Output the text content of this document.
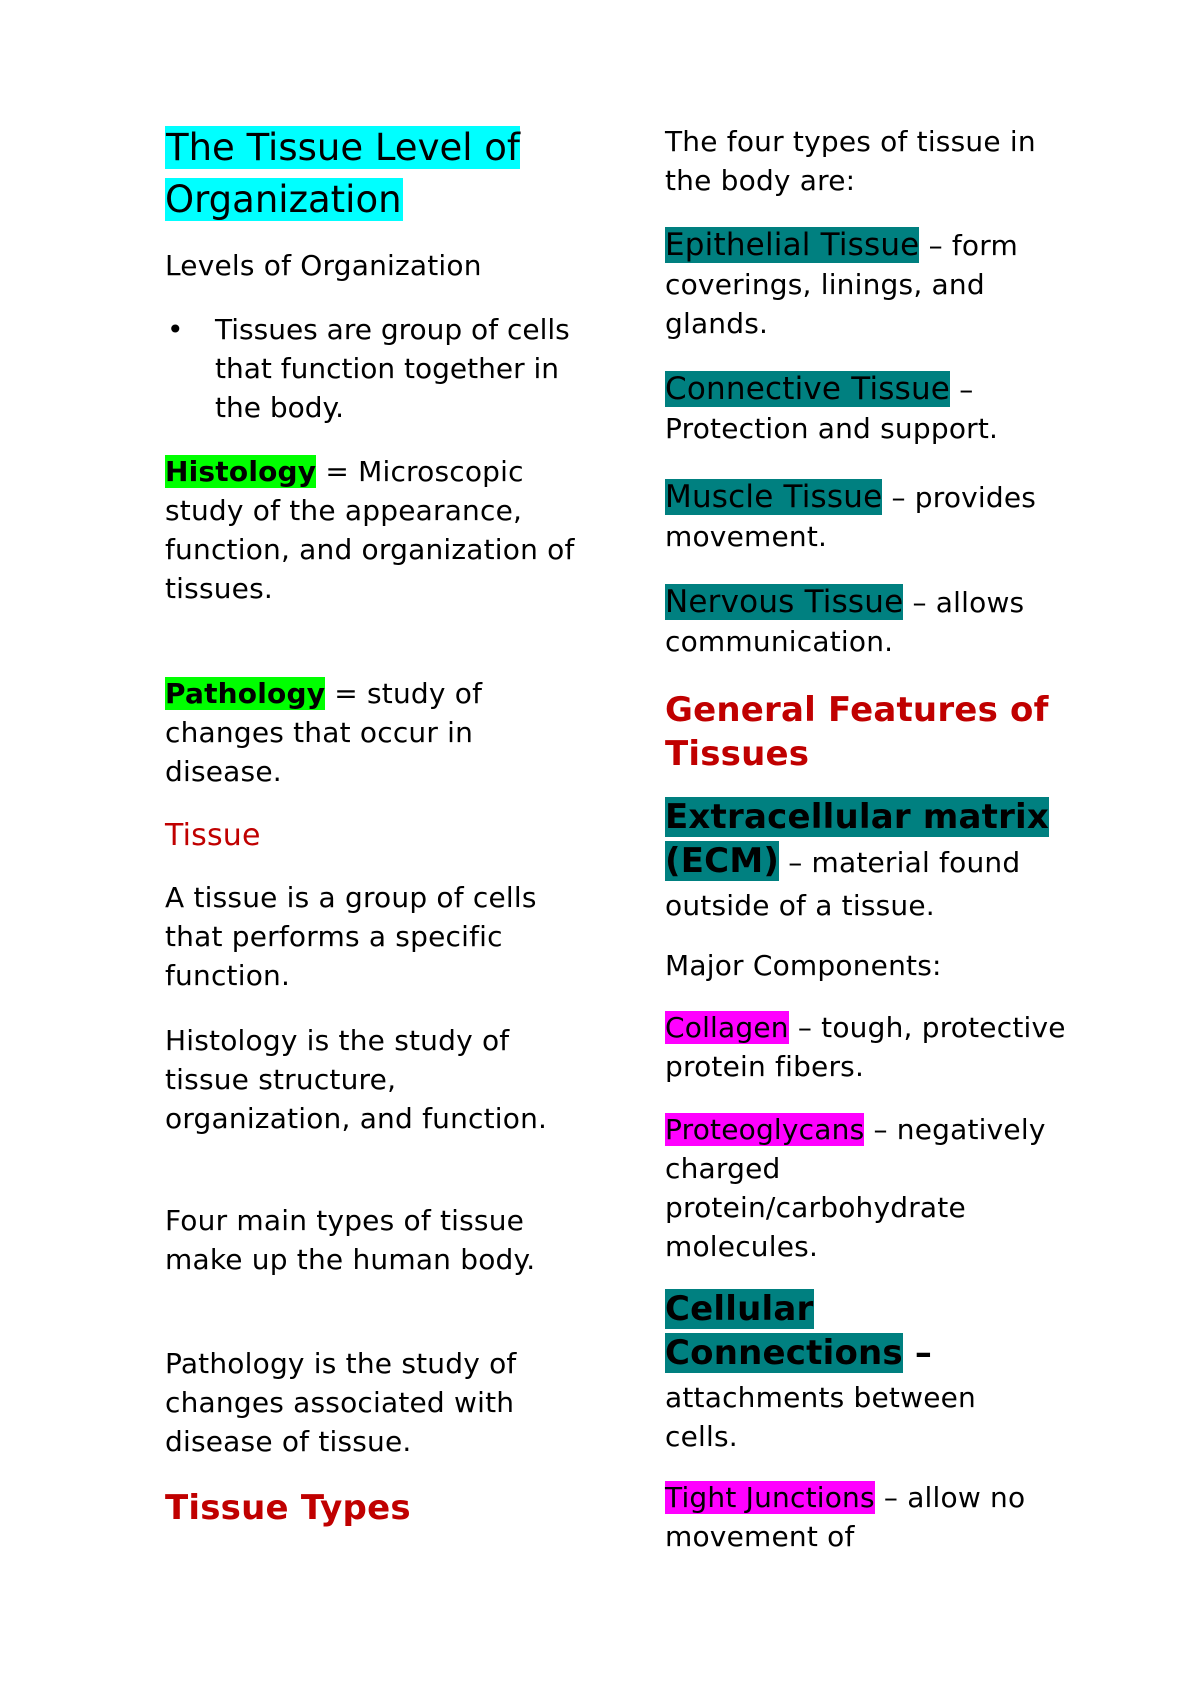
The Tissue Level of Organization

Levels of Organization

• Tissues are group of cells that function together in the body.

Histology = Microscopic study of the appearance, function, and organization of tissues.

Pathology = study of changes that occur in disease.

Tissue

A tissue is a group of cells that performs a specific function.

Histology is the study of tissue structure, organization, and function.

Four main types of tissue make up the human body.

Pathology is the study of changes associated with disease of tissue.

Tissue Types

The four types of tissue in the body are:

Epithelial Tissue – form coverings, linings, and glands.

Connective Tissue – Protection and support.

Muscle Tissue – provides movement.

Nervous Tissue – allows communication.

General Features of Tissues

Extracellular matrix
(ECM) – material found outside of a tissue.

Major Components:

Collagen – tough, protective protein fibers.

Proteoglycans – negatively charged protein/carbohydrate molecules.

Cellular
Connections –

attachments between cells.

Tight Junctions – allow no movement of
